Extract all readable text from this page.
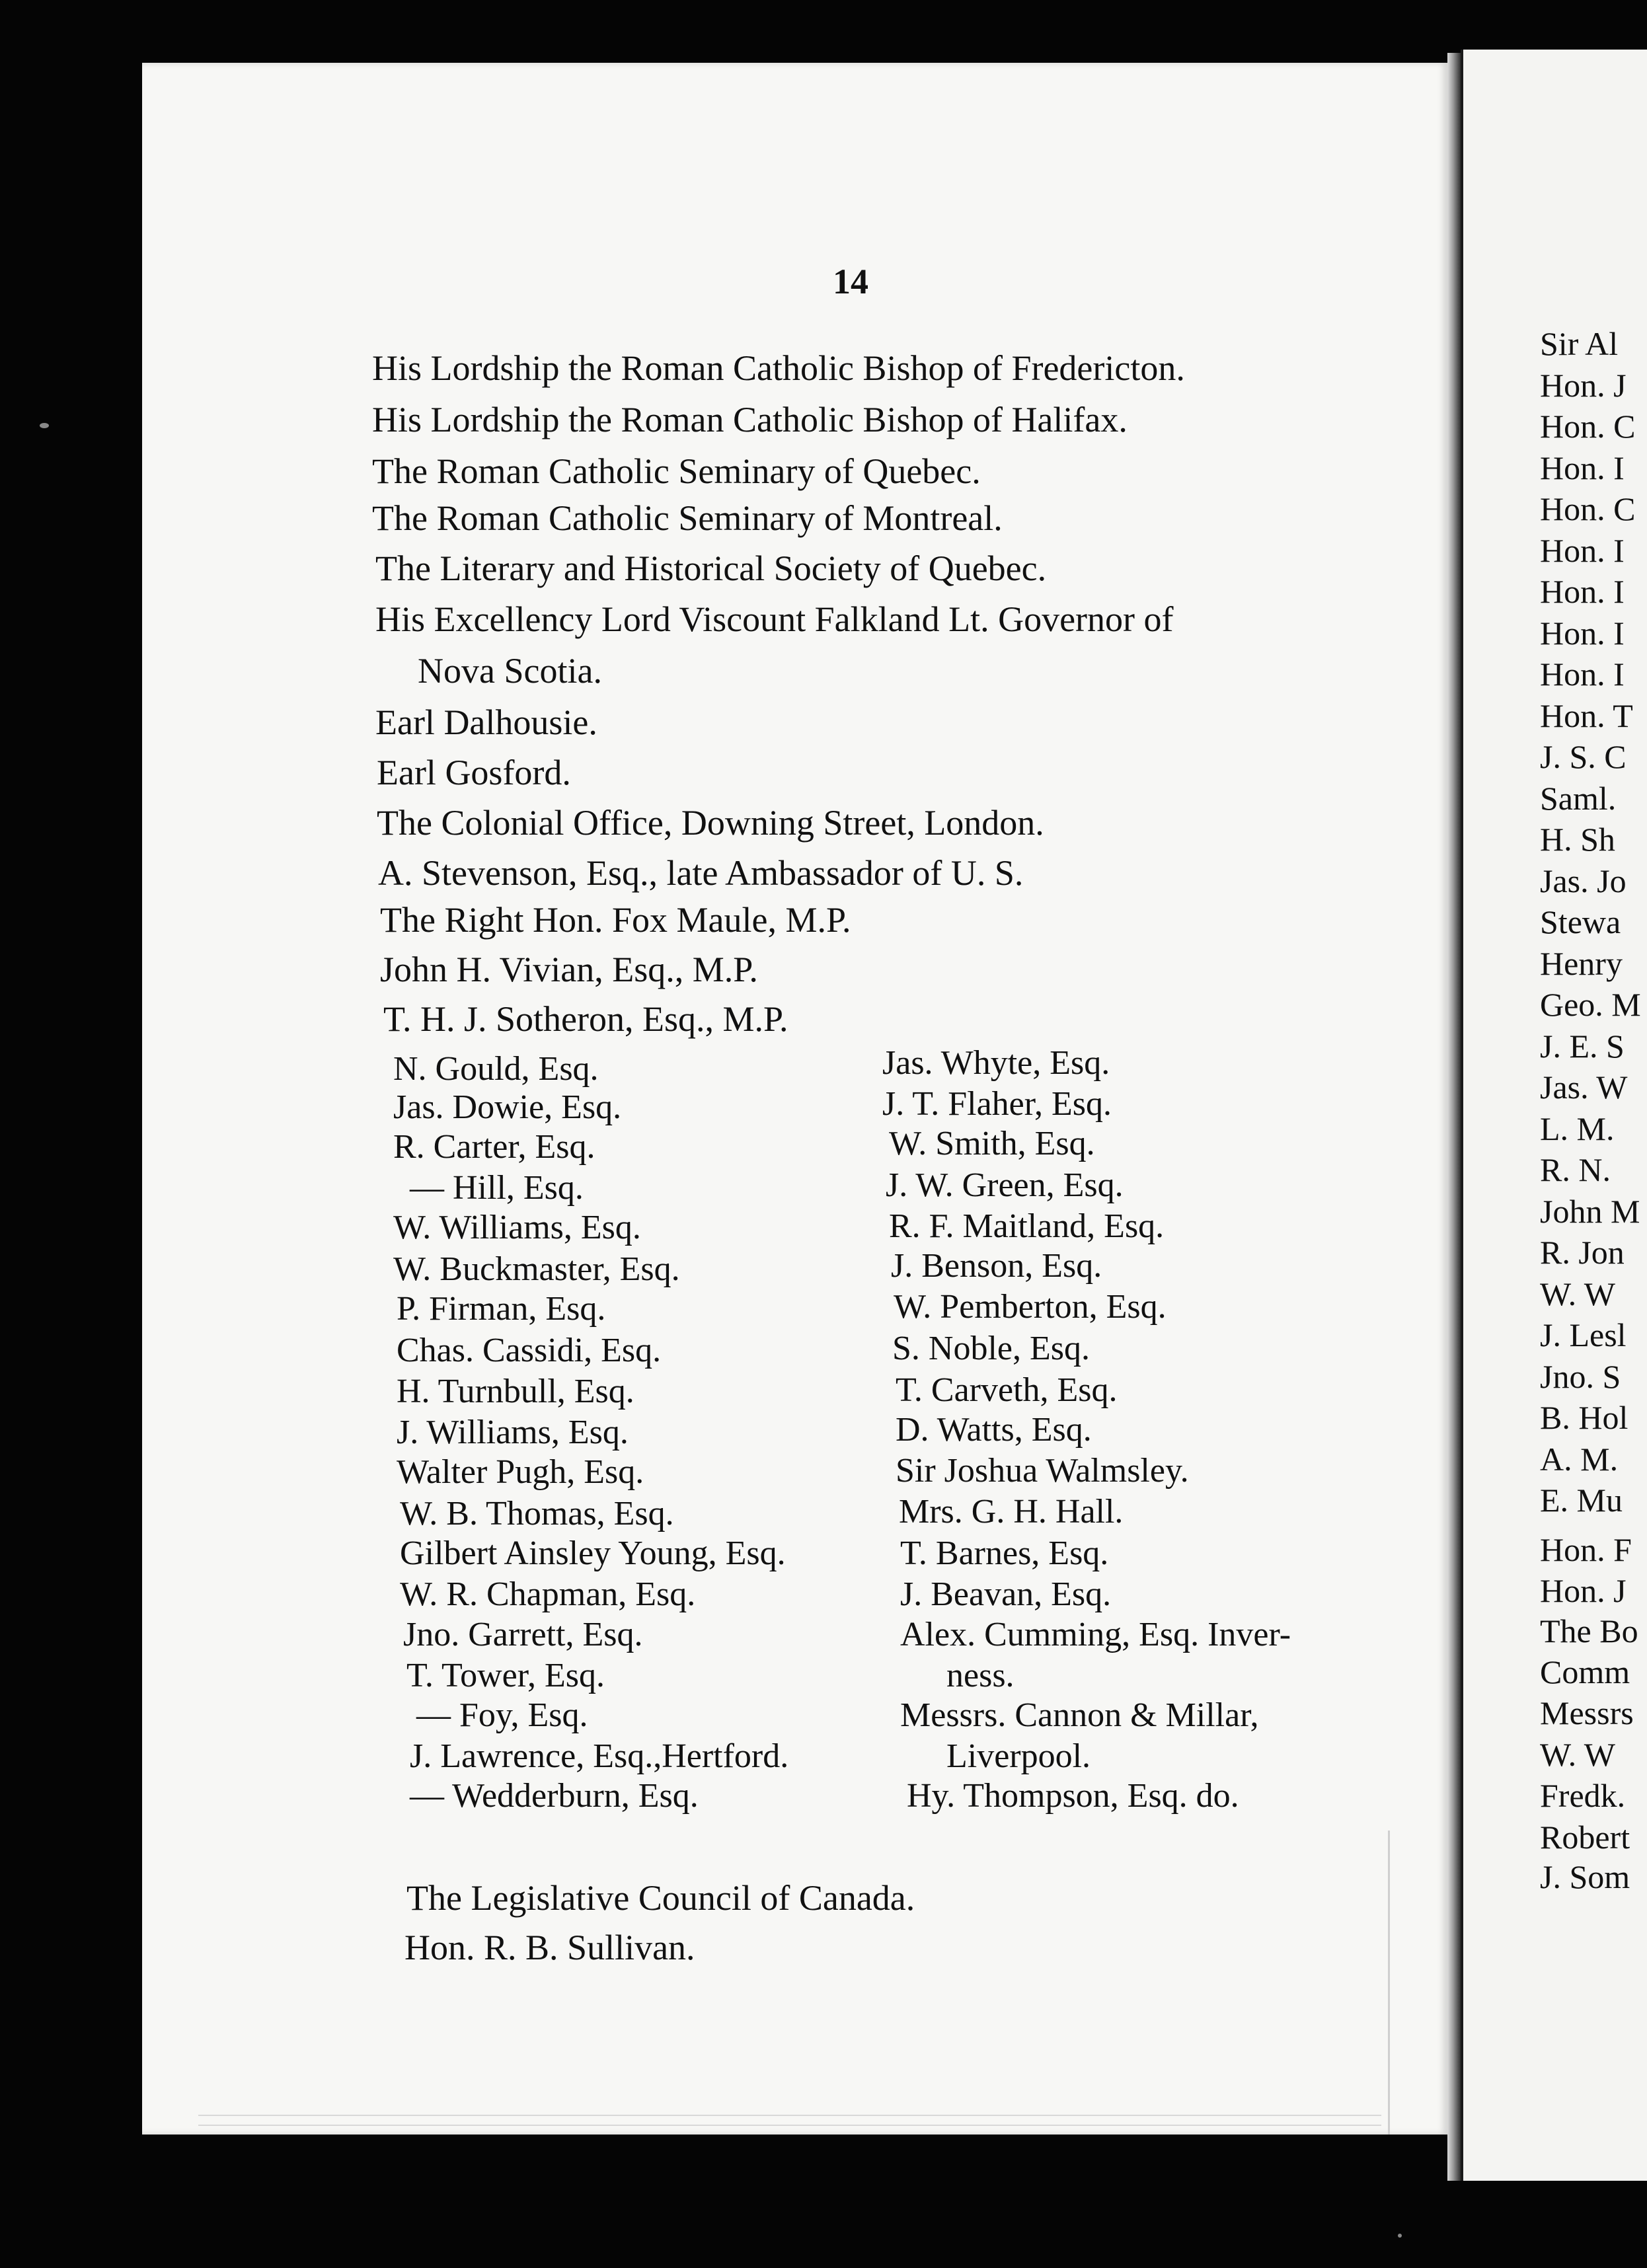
14
His Lordship the Roman Catholic Bishop of Fredericton.
His Lordship the Roman Catholic Bishop of Halifax.
The Roman Catholic Seminary of Quebec.
The Roman Catholic Seminary of Montreal.
The Literary and Historical Society of Quebec.
His Excellency Lord Viscount Falkland Lt. Governor of
Nova Scotia.
Earl Dalhousie.
Earl Gosford.
The Colonial Office, Downing Street, London.
A. Stevenson, Esq., late Ambassador of U. S.
The Right Hon. Fox Maule, M.P.
John H. Vivian, Esq., M.P.
T. H. J. Sotheron, Esq., M.P.
N. Gould, Esq.
Jas. Dowie, Esq.
R. Carter, Esq.
— Hill, Esq.
W. Williams, Esq.
W. Buckmaster, Esq.
P. Firman, Esq.
Chas. Cassidi, Esq.
H. Turnbull, Esq.
J. Williams, Esq.
Walter Pugh, Esq.
W. B. Thomas, Esq.
Gilbert Ainsley Young, Esq.
W. R. Chapman, Esq.
Jno. Garrett, Esq.
T. Tower, Esq.
— Foy, Esq.
J. Lawrence, Esq.,Hertford.
— Wedderburn, Esq.
Jas. Whyte, Esq.
J. T. Flaher, Esq.
W. Smith, Esq.
J. W. Green, Esq.
R. F. Maitland, Esq.
J. Benson, Esq.
W. Pemberton, Esq.
S. Noble, Esq.
T. Carveth, Esq.
D. Watts, Esq.
Sir Joshua Walmsley.
Mrs. G. H. Hall.
T. Barnes, Esq.
J. Beavan, Esq.
Alex. Cumming, Esq. Inver-
ness.
Messrs. Cannon & Millar,
Liverpool.
Hy. Thompson, Esq. do.
The Legislative Council of Canada.
Hon. R. B. Sullivan.
Sir Al
Hon. J
Hon. C
Hon. I
Hon. C
Hon. I
Hon. I
Hon. I
Hon. I
Hon. T
J. S. C
Saml.
H. Sh
Jas. Jo
Stewa
Henry
Geo. M
J. E. S
Jas. W
L. M.
R. N.
John M
R. Jon
W. W
J. Lesl
Jno. S
B. Hol
A. M.
E. Mu
Hon. F
Hon. J
The Bo
Comm
Messrs
W. W
Fredk.
Robert
J. Som
